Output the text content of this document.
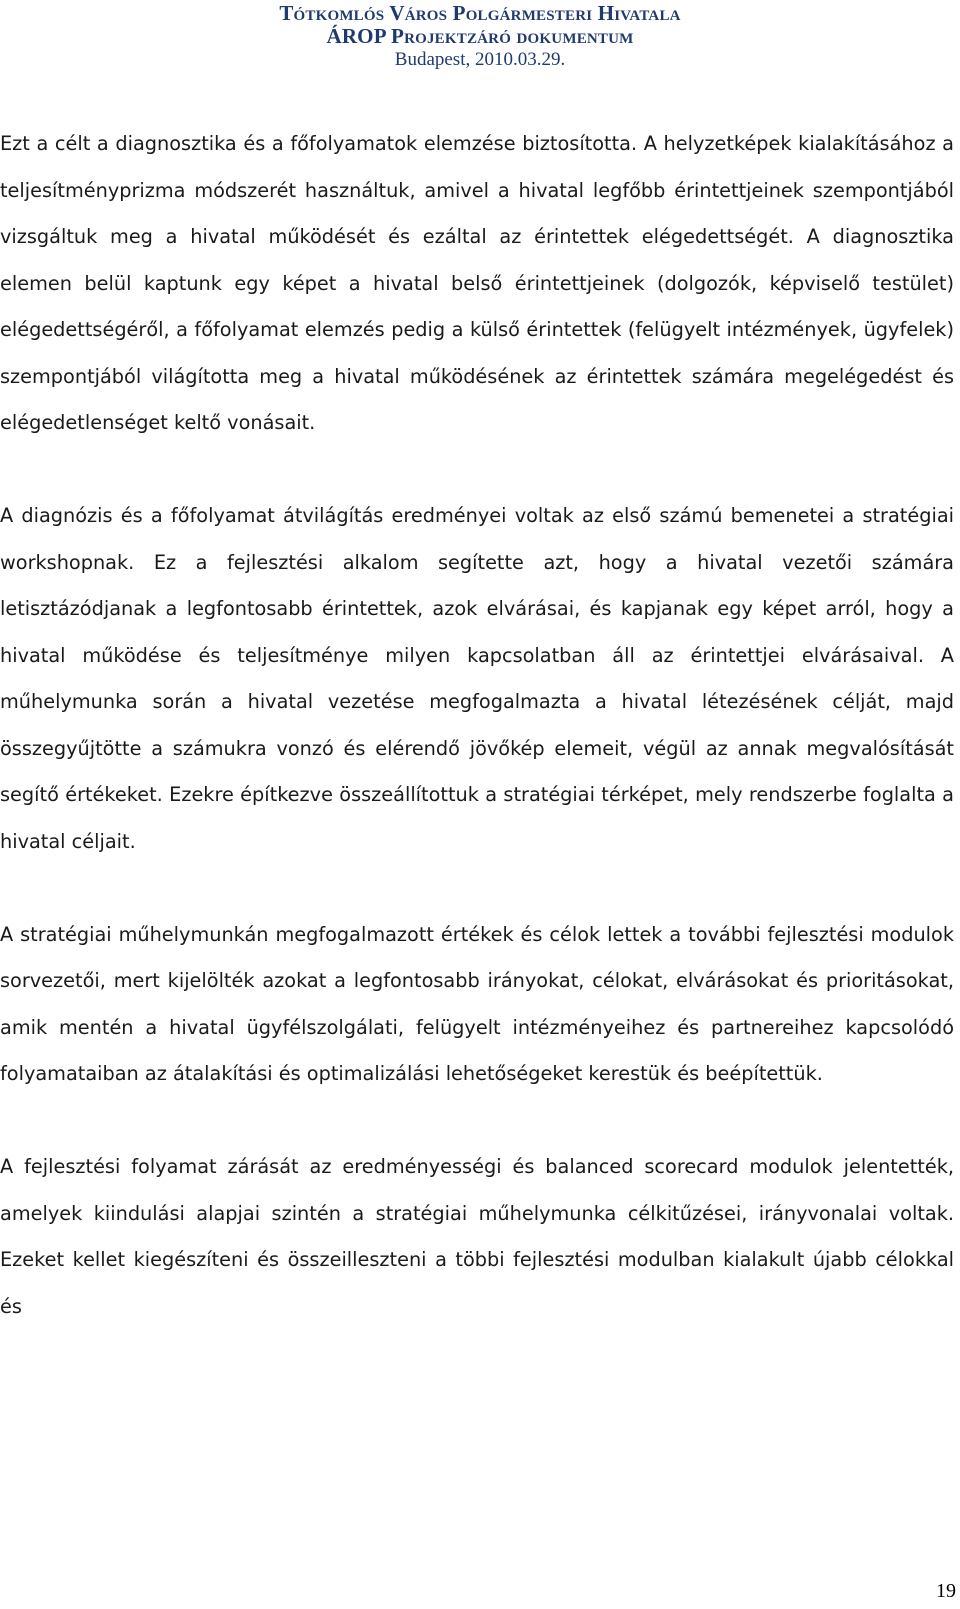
Tótkomlós Város Polgármesteri Hivatala
ÁROP Projektzáró dokumentum
Budapest, 2010.03.29.

Ezt a célt a diagnosztika és a főfolyamatok elemzése biztosította. A helyzetképek kialakításához a teljesítményprizma módszerét használtuk, amivel a hivatal legfőbb érintettjeinek szempontjából vizsgáltuk meg a hivatal működését és ezáltal az érintettek elégedettségét. A diagnosztika elemen belül kaptunk egy képet a hivatal belső érintettjeinek (dolgozók, képviselő testület) elégedettségéről, a főfolyamat elemzés pedig a külső érintettek (felügyelt intézmények, ügyfelek) szempontjából világította meg a hivatal működésének az érintettek számára megelégedést és elégedetlenséget keltő vonásait.

A diagnózis és a főfolyamat átvilágítás eredményei voltak az első számú bemenetei a stratégiai workshopnak. Ez a fejlesztési alkalom segítette azt, hogy a hivatal vezetői számára letisztázódjanak a legfontosabb érintettek, azok elvárásai, és kapjanak egy képet arról, hogy a hivatal működése és teljesítménye milyen kapcsolatban áll az érintettjei elvárásaival. A műhelymunka során a hivatal vezetése megfogalmazta a hivatal létezésének célját, majd összegyűjtötte a számukra vonzó és elérendő jövőkép elemeit, végül az annak megvalósítását segítő értékeket. Ezekre építkezve összeállítottuk a stratégiai térképet, mely rendszerbe foglalta a hivatal céljait.

A stratégiai műhelymunkán megfogalmazott értékek és célok lettek a további fejlesztési modulok sorvezetői, mert kijelölték azokat a legfontosabb irányokat, célokat, elvárásokat és prioritásokat, amik mentén a hivatal ügyfélszolgálati, felügyelt intézményeihez és partnereihez kapcsolódó folyamataiban az átalakítási és optimalizálási lehetőségeket kerestük és beépítettük.

A fejlesztési folyamat zárását az eredményességi és balanced scorecard modulok jelentették, amelyek kiindulási alapjai szintén a stratégiai műhelymunka célkitűzései, irányvonalai voltak. Ezeket kellet kiegészíteni és összeilleszteni a többi fejlesztési modulban kialakult újabb célokkal és

19
